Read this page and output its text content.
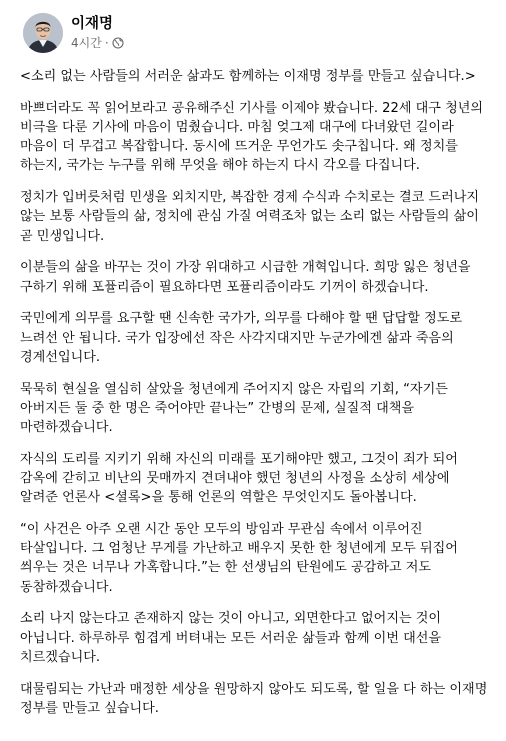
이재명
4시간 ·

<소리 없는 사람들의 서러운 삶과도 함께하는 이재명 정부를 만들고 싶습니다.>

바쁘더라도 꼭 읽어보라고 공유해주신 기사를 이제야 봤습니다. 22세 대구 청년의 비극을 다룬 기사에 마음이 멈췄습니다. 마침 엊그제 대구에 다녀왔던 길이라 마음이 더 무겁고 복잡합니다. 동시에 뜨거운 무언가도 솟구칩니다. 왜 정치를 하는지, 국가는 누구를 위해 무엇을 해야 하는지 다시 각오를 다집니다.

정치가 입버릇처럼 민생을 외치지만, 복잡한 경제 수식과 수치로는 결코 드러나지 않는 보통 사람들의 삶, 정치에 관심 가질 여력조차 없는 소리 없는 사람들의 삶이 곧 민생입니다.

이분들의 삶을 바꾸는 것이 가장 위대하고 시급한 개혁입니다. 희망 잃은 청년을 구하기 위해 포퓰리즘이 필요하다면 포퓰리즘이라도 기꺼이 하겠습니다.

국민에게 의무를 요구할 땐 신속한 국가가, 의무를 다해야 할 땐 답답할 정도로 느려선 안 됩니다. 국가 입장에선 작은 사각지대지만 누군가에겐 삶과 죽음의 경계선입니다.

묵묵히 현실을 열심히 살았을 청년에게 주어지지 않은 자립의 기회, “자기든 아버지든 둘 중 한 명은 죽어야만 끝나는” 간병의 문제, 실질적 대책을 마련하겠습니다.

자식의 도리를 지키기 위해 자신의 미래를 포기해야만 했고, 그것이 죄가 되어 감옥에 갇히고 비난의 뭇매까지 견뎌내야 했던 청년의 사정을 소상히 세상에 알려준 언론사 <셜록>을 통해 언론의 역할은 무엇인지도 돌아봅니다.

“이 사건은 아주 오랜 시간 동안 모두의 방임과 무관심 속에서 이루어진 타살입니다. 그 엄청난 무게를 가난하고 배우지 못한 한 청년에게 모두 뒤집어 씌우는 것은 너무나 가혹합니다.”는 한 선생님의 탄원에도 공감하고 저도 동참하겠습니다.

소리 나지 않는다고 존재하지 않는 것이 아니고, 외면한다고 없어지는 것이 아닙니다. 하루하루 힘겹게 버텨내는 모든 서러운 삶들과 함께 이번 대선을 치르겠습니다.

대물림되는 가난과 매정한 세상을 원망하지 않아도 되도록, 할 일을 다 하는 이재명 정부를 만들고 싶습니다.
